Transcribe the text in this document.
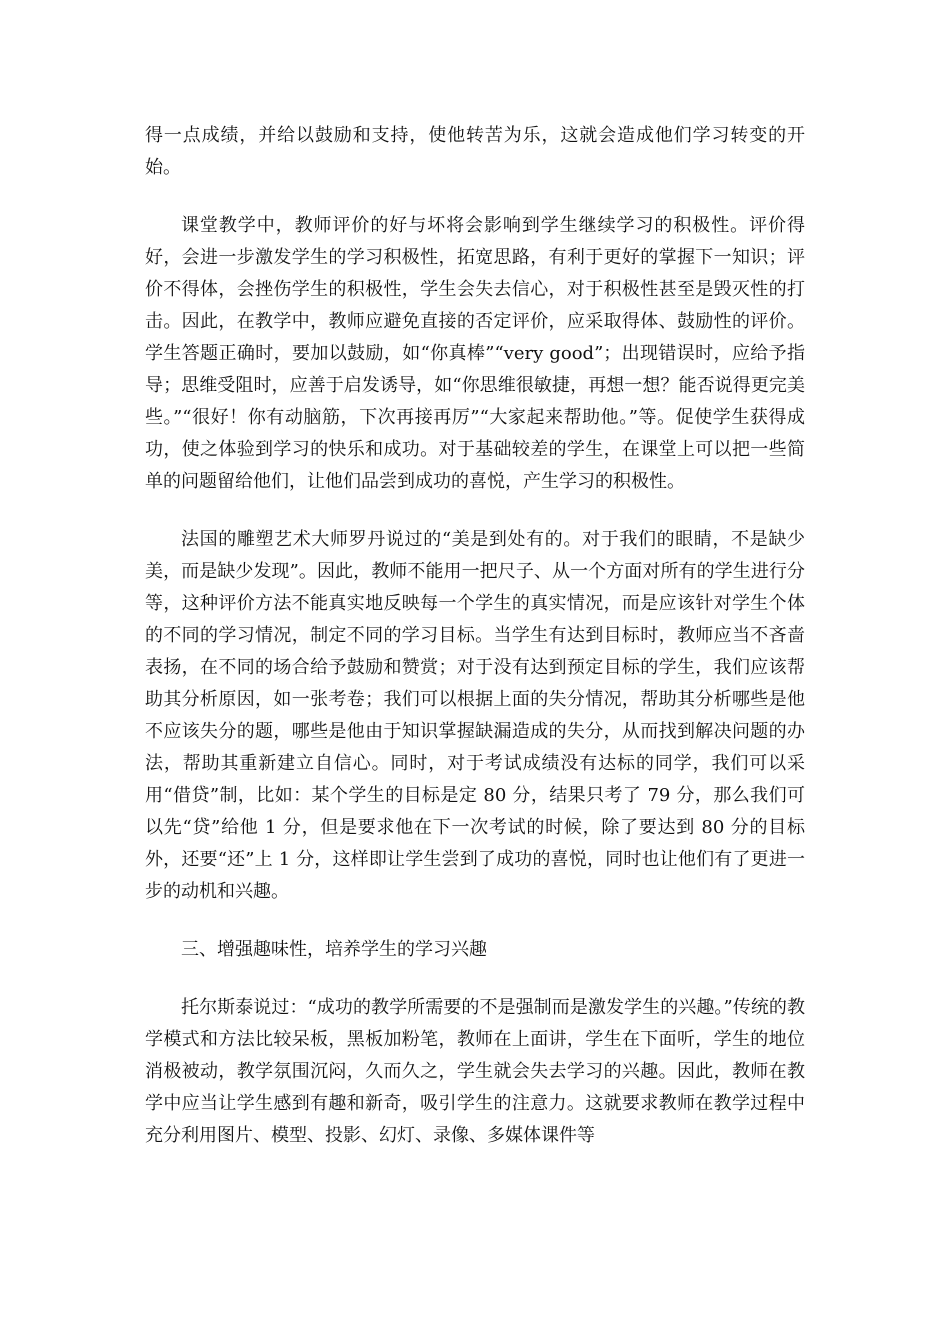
得一点成绩，并给以鼓励和支持，使他转苦为乐，这就会造成他们学习转变的开始。

课堂教学中，教师评价的好与坏将会影响到学生继续学习的积极性。评价得好，会进一步激发学生的学习积极性，拓宽思路，有利于更好的掌握下一知识；评价不得体，会挫伤学生的积极性，学生会失去信心，对于积极性甚至是毁灭性的打击。因此，在教学中，教师应避免直接的否定评价，应采取得体、鼓励性的评价。学生答题正确时，要加以鼓励，如“你真棒”“very good”；出现错误时，应给予指导；思维受阻时，应善于启发诱导，如“你思维很敏捷，再想一想？能否说得更完美些。”“很好！你有动脑筋，下次再接再厉”“大家起来帮助他。”等。促使学生获得成功，使之体验到学习的快乐和成功。对于基础较差的学生，在课堂上可以把一些简单的问题留给他们，让他们品尝到成功的喜悦，产生学习的积极性。

法国的雕塑艺术大师罗丹说过的“美是到处有的。对于我们的眼睛，不是缺少美，而是缺少发现”。因此，教师不能用一把尺子、从一个方面对所有的学生进行分等，这种评价方法不能真实地反映每一个学生的真实情况，而是应该针对学生个体的不同的学习情况，制定不同的学习目标。当学生有达到目标时，教师应当不吝啬表扬，在不同的场合给予鼓励和赞赏；对于没有达到预定目标的学生，我们应该帮助其分析原因，如一张考卷；我们可以根据上面的失分情况，帮助其分析哪些是他不应该失分的题，哪些是他由于知识掌握缺漏造成的失分，从而找到解决问题的办法，帮助其重新建立自信心。同时，对于考试成绩没有达标的同学，我们可以采用“借贷”制，比如：某个学生的目标是定 80 分，结果只考了 79 分，那么我们可以先“贷”给他 1 分，但是要求他在下一次考试的时候，除了要达到 80 分的目标外，还要“还”上 1 分，这样即让学生尝到了成功的喜悦，同时也让他们有了更进一步的动机和兴趣。

三、增强趣味性，培养学生的学习兴趣

托尔斯泰说过：“成功的教学所需要的不是强制而是激发学生的兴趣。”传统的教学模式和方法比较呆板，黑板加粉笔，教师在上面讲，学生在下面听，学生的地位消极被动，教学氛围沉闷，久而久之，学生就会失去学习的兴趣。因此，教师在教学中应当让学生感到有趣和新奇，吸引学生的注意力。这就要求教师在教学过程中充分利用图片、模型、投影、幻灯、录像、多媒体课件等
